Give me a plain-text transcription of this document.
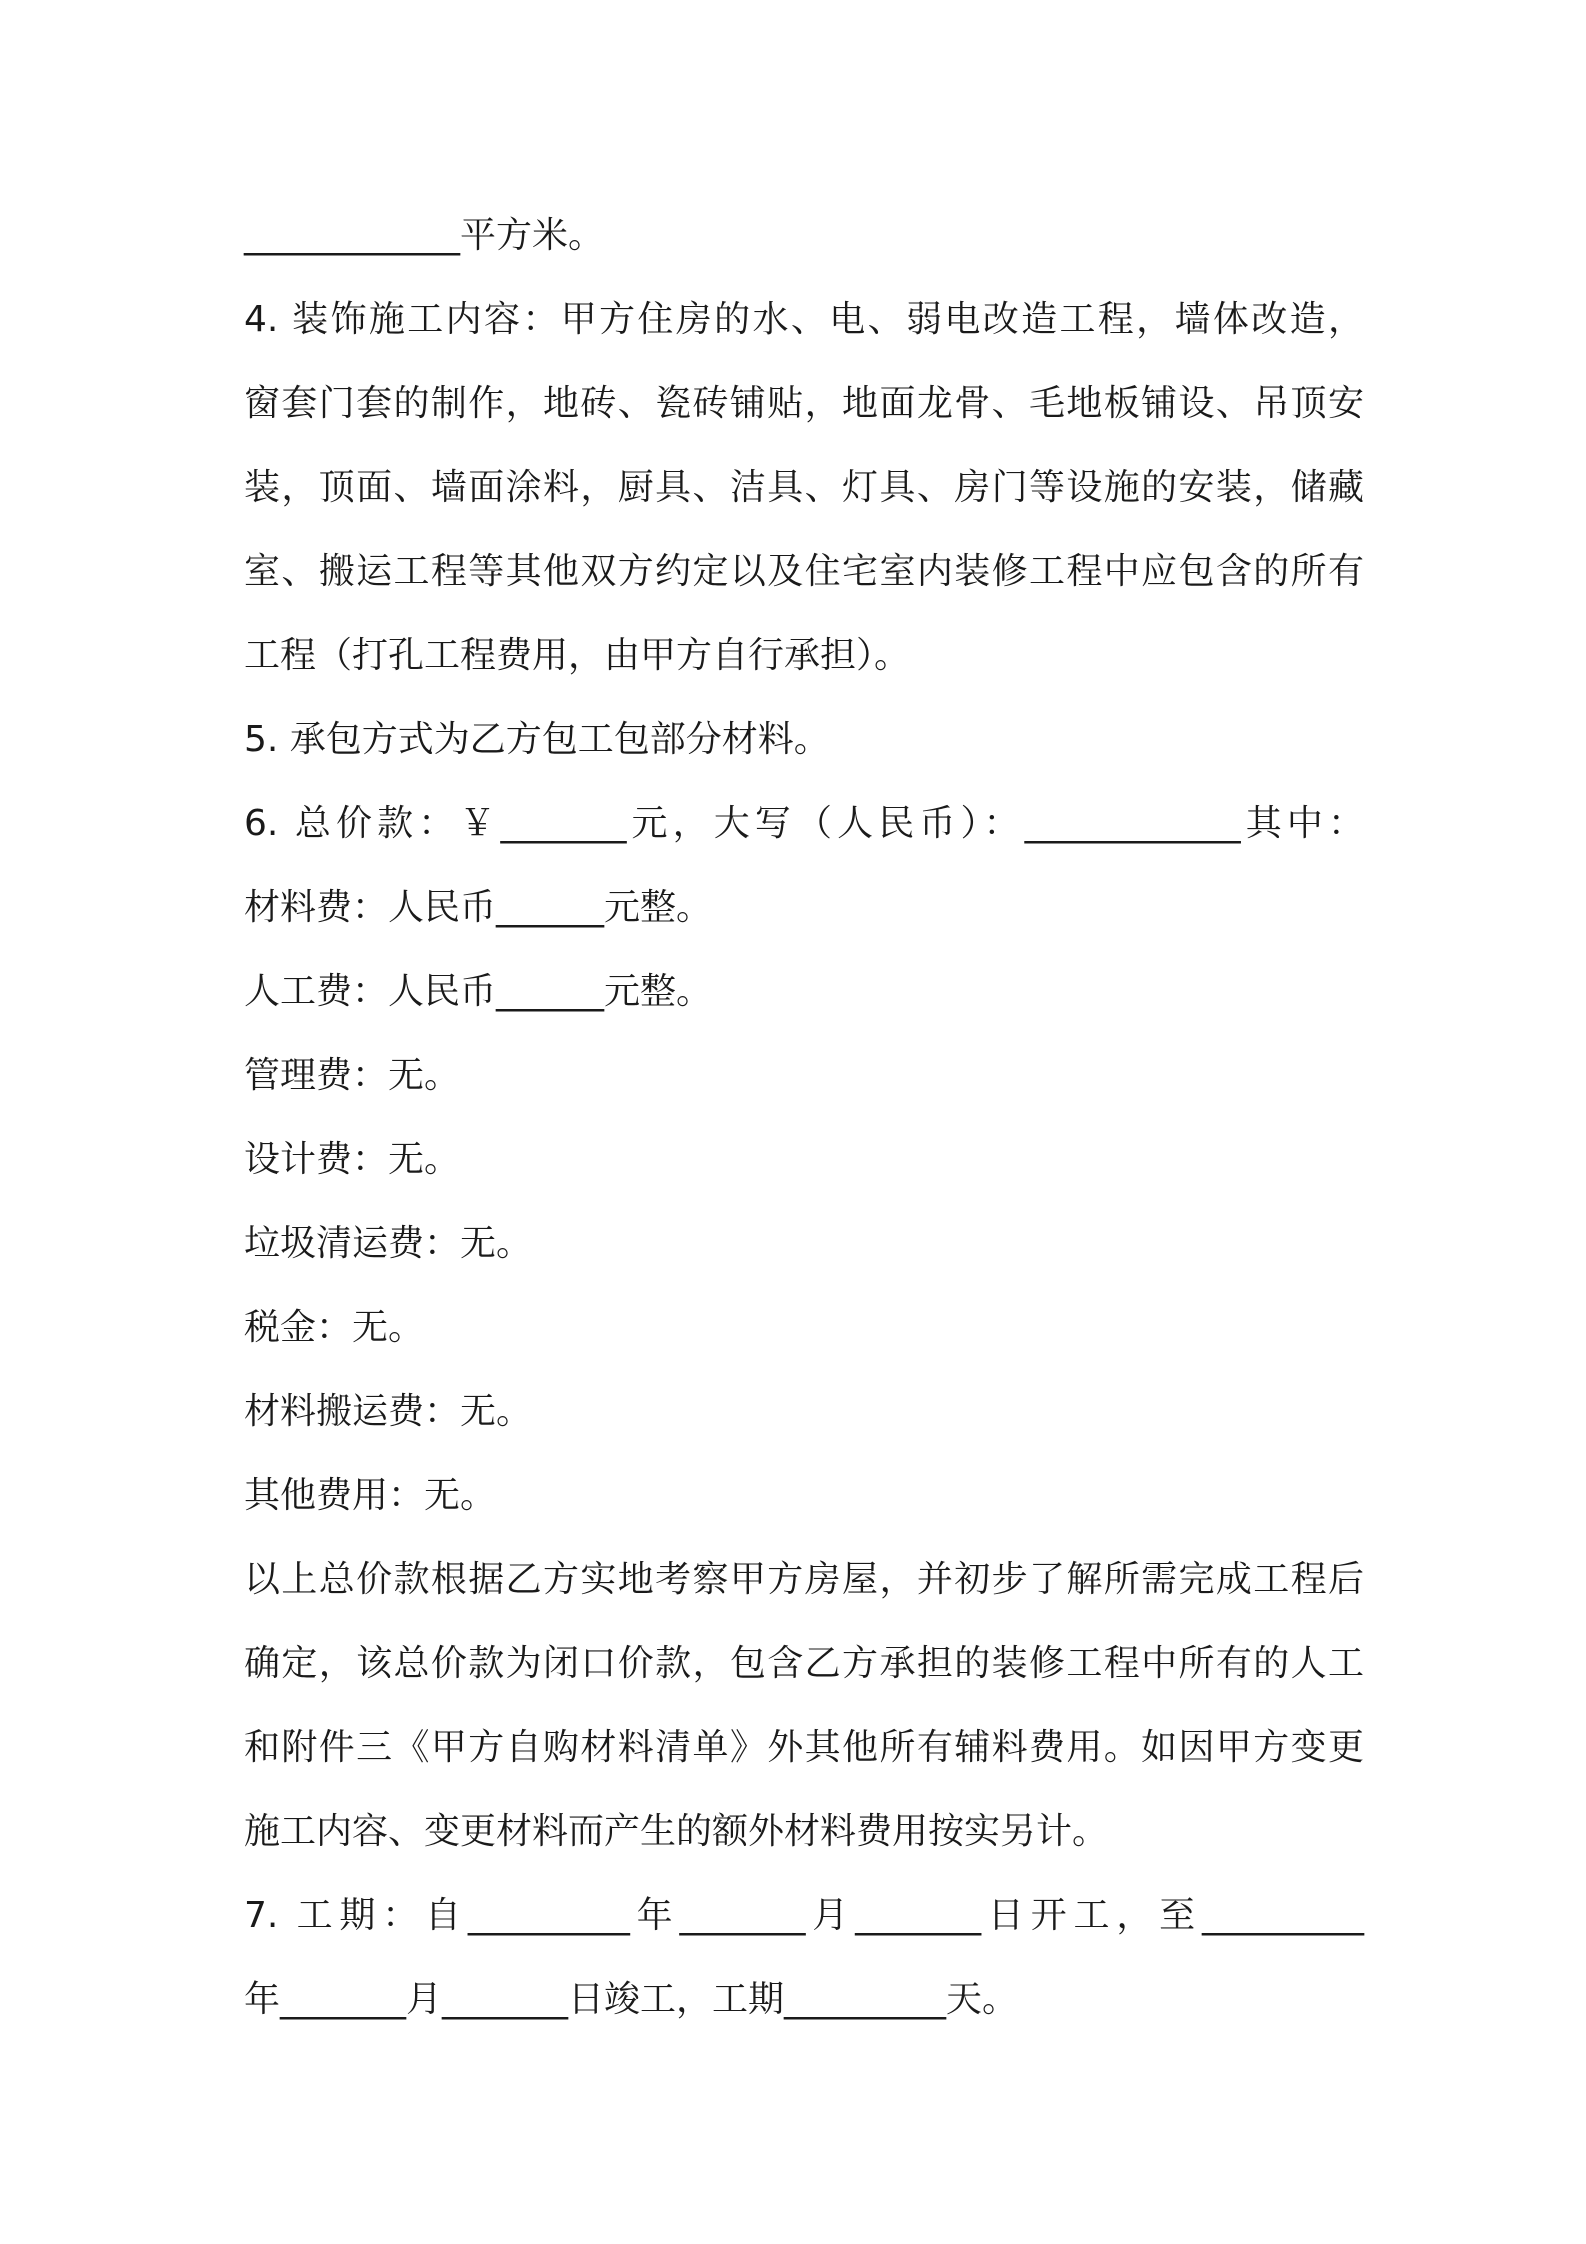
____________平方米。
4. 装饰施工内容：甲方住房的水、电、弱电改造工程，墙体改造，
窗套门套的制作，地砖、瓷砖铺贴，地面龙骨、毛地板铺设、吊顶安
装，顶面、墙面涂料，厨具、洁具、灯具、房门等设施的安装，储藏
室、搬运工程等其他双方约定以及住宅室内装修工程中应包含的所有
工程（打孔工程费用，由甲方自行承担）。
5. 承包方式为乙方包工包部分材料。
6. 总价款：￥_______元，大写（人民币）：____________其中：
材料费：人民币______元整。
人工费：人民币______元整。
管理费：无。
设计费：无。
垃圾清运费：无。
税金：无。
材料搬运费：无。
其他费用：无。
以上总价款根据乙方实地考察甲方房屋，并初步了解所需完成工程后
确定，该总价款为闭口价款，包含乙方承担的装修工程中所有的人工
和附件三《甲方自购材料清单》外其他所有辅料费用。如因甲方变更
施工内容、变更材料而产生的额外材料费用按实另计。
7. 工期：自_________年_______月_______日开工，至_________
年_______月_______日竣工，工期_________天。
